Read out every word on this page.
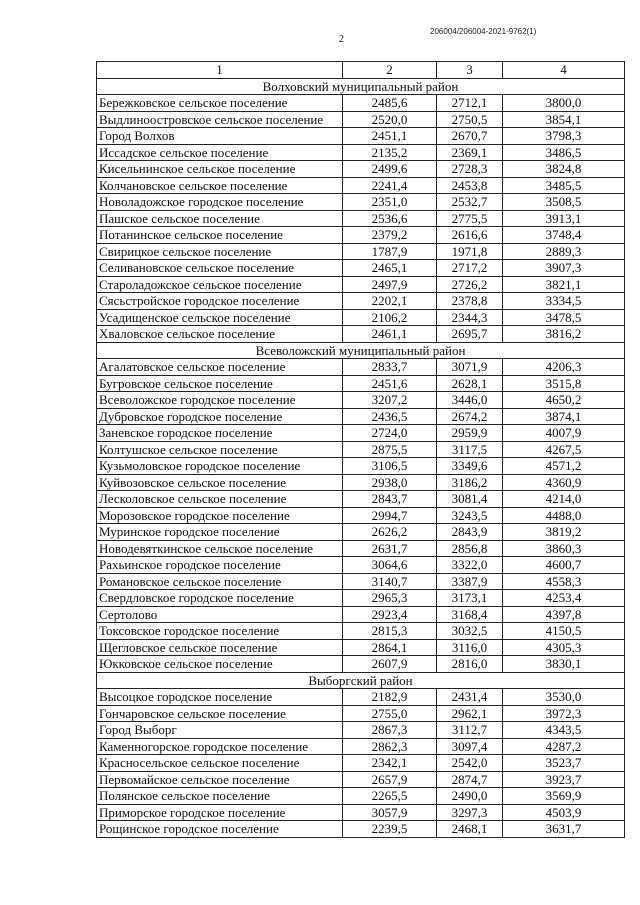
206004/206004-2021-9762(1)
2
1	2	3	4
Волховский муниципальный район			
Бережковское сельское поселение	2485,6	2712,1	3800,0
Выдлиноостровское сельское поселение	2520,0	2750,5	3854,1
Город Волхов	2451,1	2670,7	3798,3
Иссадское сельское поселение	2135,2	2369,1	3486,5
Кисельнинское сельское поселение	2499,6	2728,3	3824,8
Колчановское сельское поселение	2241,4	2453,8	3485,5
Новоладожское городское поселение	2351,0	2532,7	3508,5
Пашское сельское поселение	2536,6	2775,5	3913,1
Потанинское сельское поселение	2379,2	2616,6	3748,4
Свирицкое сельское поселение	1787,9	1971,8	2889,3
Селивановское сельское поселение	2465,1	2717,2	3907,3
Староладожское сельское поселение	2497,9	2726,2	3821,1
Сясьстройское городское поселение	2202,1	2378,8	3334,5
Усадищенское сельское поселение	2106,2	2344,3	3478,5
Хваловское сельское поселение	2461,1	2695,7	3816,2
Всеволожский муниципальный район			
Агалатовское сельское поселение	2833,7	3071,9	4206,3
Бугровское сельское поселение	2451,6	2628,1	3515,8
Всеволожское городское поселение	3207,2	3446,0	4650,2
Дубровское городское поселение	2436,5	2674,2	3874,1
Заневское городское поселение	2724,0	2959,9	4007,9
Колтушское сельское поселение	2875,5	3117,5	4267,5
Кузьмоловское городское поселение	3106,5	3349,6	4571,2
Куйвозовское сельское поселение	2938,0	3186,2	4360,9
Лесколовское сельское поселение	2843,7	3081,4	4214,0
Морозовское городское поселение	2994,7	3243,5	4488,0
Муринское городское поселение	2626,2	2843,9	3819,2
Новодевяткинское сельское поселение	2631,7	2856,8	3860,3
Рахьинское городское поселение	3064,6	3322,0	4600,7
Романовское сельское поселение	3140,7	3387,9	4558,3
Свердловское городское поселение	2965,3	3173,1	4253,4
Сертолово	2923,4	3168,4	4397,8
Токсовское городское поселение	2815,3	3032,5	4150,5
Щегловское сельское поселение	2864,1	3116,0	4305,3
Юкковское сельское поселение	2607,9	2816,0	3830,1
Выборгский район			
Высоцкое городское поселение	2182,9	2431,4	3530,0
Гончаровское сельское поселение	2755,0	2962,1	3972,3
Город Выборг	2867,3	3112,7	4343,5
Каменногорское городское поселение	2862,3	3097,4	4287,2
Красносельское сельское поселение	2342,1	2542,0	3523,7
Первомайское сельское поселение	2657,9	2874,7	3923,7
Полянское сельское поселение	2265,5	2490,0	3569,9
Приморское городское поселение	3057,9	3297,3	4503,9
Рощинское городское поселение	2239,5	2468,1	3631,7
